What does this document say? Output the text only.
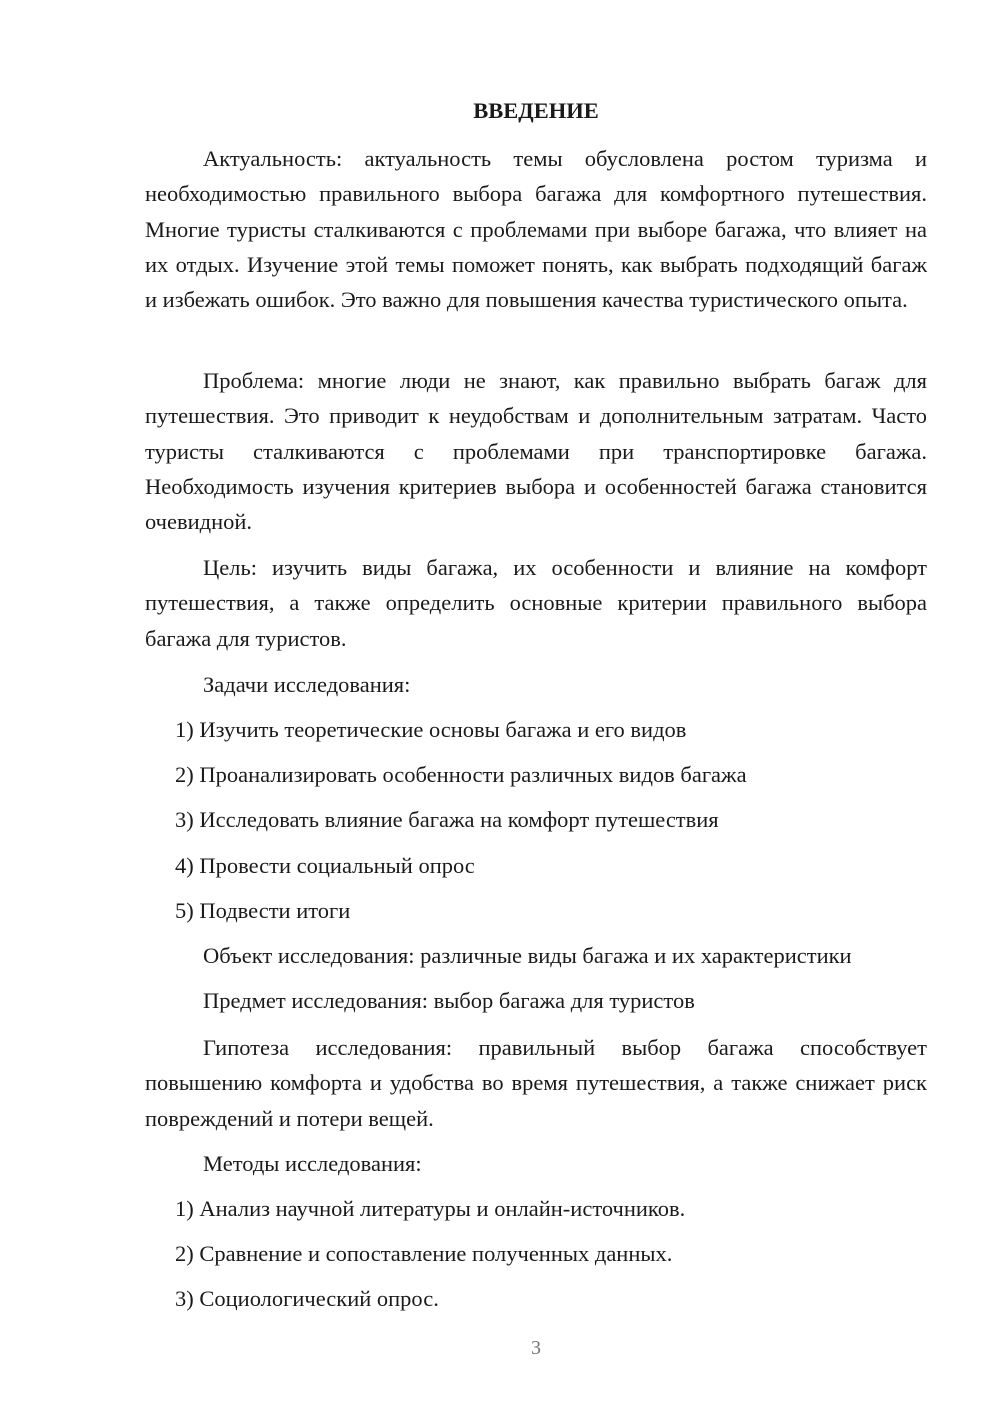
ВВЕДЕНИЕ

Актуальность: актуальность темы обусловлена ростом туризма и необходимостью правильного выбора багажа для комфортного путешествия. Многие туристы сталкиваются с проблемами при выборе багажа, что влияет на их отдых. Изучение этой темы поможет понять, как выбрать подходящий багаж и избежать ошибок. Это важно для повышения качества туристического опыта.

Проблема: многие люди не знают, как правильно выбрать багаж для путешествия. Это приводит к неудобствам и дополнительным затратам. Часто туристы сталкиваются с проблемами при транспортировке багажа. Необходимость изучения критериев выбора и особенностей багажа становится очевидной.

Цель: изучить виды багажа, их особенности и влияние на комфорт путешествия, а также определить основные критерии правильного выбора багажа для туристов.

Задачи исследования:
1) Изучить теоретические основы багажа и его видов
2) Проанализировать особенности различных видов багажа
3) Исследовать влияние багажа на комфорт путешествия
4) Провести социальный опрос
5) Подвести итоги
Объект исследования: различные виды багажа и их характеристики
Предмет исследования: выбор багажа для туристов

Гипотеза исследования: правильный выбор багажа способствует повышению комфорта и удобства во время путешествия, а также снижает риск повреждений и потери вещей.

Методы исследования:
1) Анализ научной литературы и онлайн-источников.
2) Сравнение и сопоставление полученных данных.
3) Социологический опрос.
3
